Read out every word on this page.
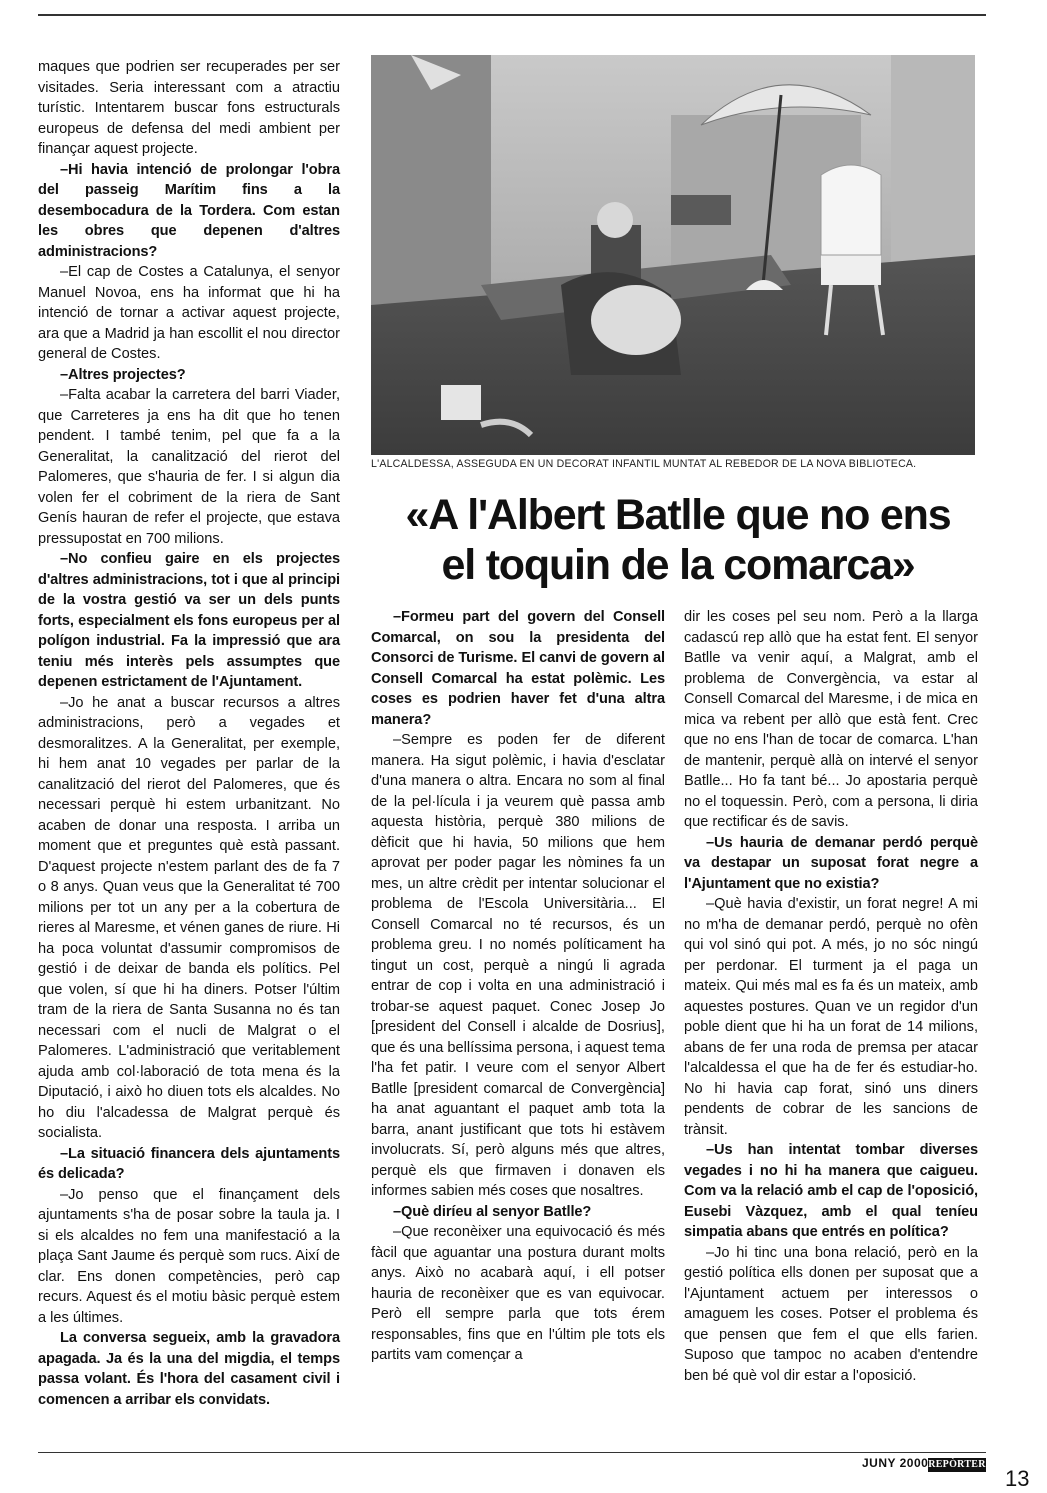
maques que podrien ser recuperades per ser visitades. Seria interessant com a atractiu turístic. Intentarem buscar fons estructurals europeus de defensa del medi ambient per finançar aquest projecte.

–Hi havia intenció de prolongar l'obra del passeig Marítim fins a la desembocadura de la Tordera. Com estan les obres que depenen d'altres administracions?

–El cap de Costes a Catalunya, el senyor Manuel Novoa, ens ha informat que hi ha intenció de tornar a activar aquest projecte, ara que a Madrid ja han escollit el nou director general de Costes.

–Altres projectes?

–Falta acabar la carretera del barri Viader, que Carreteres ja ens ha dit que ho tenen pendent. I també tenim, pel que fa a la Generalitat, la canalització del rierot del Palomeres, que s'hauria de fer. I si algun dia volen fer el cobriment de la riera de Sant Genís hauran de refer el projecte, que estava pressupostat en 700 milions.

–No confieu gaire en els projectes d'altres administracions, tot i que al principi de la vostra gestió va ser un dels punts forts, especialment els fons europeus per al polígon industrial. Fa la impressió que ara teniu més interès pels assumptes que depenen estrictament de l'Ajuntament.

–Jo he anat a buscar recursos a altres administracions, però a vegades et desmoralitzes. A la Generalitat, per exemple, hi hem anat 10 vegades per parlar de la canalització del rierot del Palomeres, que és necessari perquè hi estem urbanitzant. No acaben de donar una resposta. I arriba un moment que et preguntes què està passant. D'aquest projecte n'estem parlant des de fa 7 o 8 anys. Quan veus que la Generalitat té 700 milions per tot un any per a la cobertura de rieres al Maresme, et vénen ganes de riure. Hi ha poca voluntat d'assumir compromisos de gestió i de deixar de banda els polítics. Pel que volen, sí que hi ha diners. Potser l'últim tram de la riera de Santa Susanna no és tan necessari com el nucli de Malgrat o el Palomeres. L'administració que veritablement ajuda amb col·laboració de tota mena és la Diputació, i això ho diuen tots els alcaldes. No ho diu l'alcadessa de Malgrat perquè és socialista.

–La situació financera dels ajuntaments és delicada?

–Jo penso que el finançament dels ajuntaments s'ha de posar sobre la taula ja. I si els alcaldes no fem una manifestació a la plaça Sant Jaume és perquè som rucs. Així de clar. Ens donen competències, però cap recurs. Aquest és el motiu bàsic perquè estem a les últimes.

La conversa segueix, amb la gravadora apagada. Ja és la una del migdia, el temps passa volant. És l'hora del casament civil i comencen a arribar els convidats.

L'ALCALDESSA, ASSEGUDA EN UN DECORAT INFANTIL MUNTAT AL REBEDOR DE LA NOVA BIBLIOTECA.
«A l'Albert Batlle que no ens
el toquin de la comarca»

–Formeu part del govern del Consell Comarcal, on sou la presidenta del Consorci de Turisme. El canvi de govern al Consell Comarcal ha estat polèmic. Les coses es podrien haver fet d'una altra manera?

–Sempre es poden fer de diferent manera. Ha sigut polèmic, i havia d'esclatar d'una manera o altra. Encara no som al final de la pel·lícula i ja veurem què passa amb aquesta història, perquè 380 milions de dèficit que hi havia, 50 milions que hem aprovat per poder pagar les nòmines fa un mes, un altre crèdit per intentar solucionar el problema de l'Escola Universitària... El Consell Comarcal no té recursos, és un problema greu. I no només políticament ha tingut un cost, perquè a ningú li agrada entrar de cop i volta en una administració i trobar-se aquest paquet. Conec Josep Jo [president del Consell i alcalde de Dosrius], que és una bellíssima persona, i aquest tema l'ha fet patir. I veure com el senyor Albert Batlle [president comarcal de Convergència] ha anat aguantant el paquet amb tota la barra, anant justificant que tots hi estàvem involucrats. Sí, però alguns més que altres, perquè els que firmaven i donaven els informes sabien més coses que nosaltres.

–Què diríeu al senyor Batlle?

–Que reconèixer una equivocació és més fàcil que aguantar una postura durant molts anys. Això no acabarà aquí, i ell potser hauria de reconèixer que es van equivocar. Però ell sempre parla que tots érem responsables, fins que en l'últim ple tots els partits vam començar a

dir les coses pel seu nom. Però a la llarga cadascú rep allò que ha estat fent. El senyor Batlle va venir aquí, a Malgrat, amb el problema de Convergència, va estar al Consell Comarcal del Maresme, i de mica en mica va rebent per allò que està fent. Crec que no ens l'han de tocar de comarca. L'han de mantenir, perquè allà on intervé el senyor Batlle... Ho fa tant bé... Jo apostaria perquè no el toquessin. Però, com a persona, li diria que rectificar és de savis.

–Us hauria de demanar perdó perquè va destapar un suposat forat negre a l'Ajuntament que no existia?

–Què havia d'existir, un forat negre! A mi no m'ha de demanar perdó, perquè no ofèn qui vol sinó qui pot. A més, jo no sóc ningú per perdonar. El turment ja el paga un mateix. Qui més mal es fa és un mateix, amb aquestes postures. Quan ve un regidor d'un poble dient que hi ha un forat de 14 milions, abans de fer una roda de premsa per atacar l'alcaldessa el que ha de fer és estudiar-ho. No hi havia cap forat, sinó uns diners pendents de cobrar de les sancions de trànsit.

–Us han intentat tombar diverses vegades i no hi ha manera que caigueu. Com va la relació amb el cap de l'oposició, Eusebi Vàzquez, amb el qual teníeu simpatia abans que entrés en política?

–Jo hi tinc una bona relació, però en la gestió política ells donen per suposat que a l'Ajuntament actuem per interessos o amaguem les coses. Potser el problema és que pensen que fem el que ells farien. Suposo que tampoc no acaben d'entendre ben bé què vol dir estar a l'oposició.

JUNY 2000 REPÒRTER
13
